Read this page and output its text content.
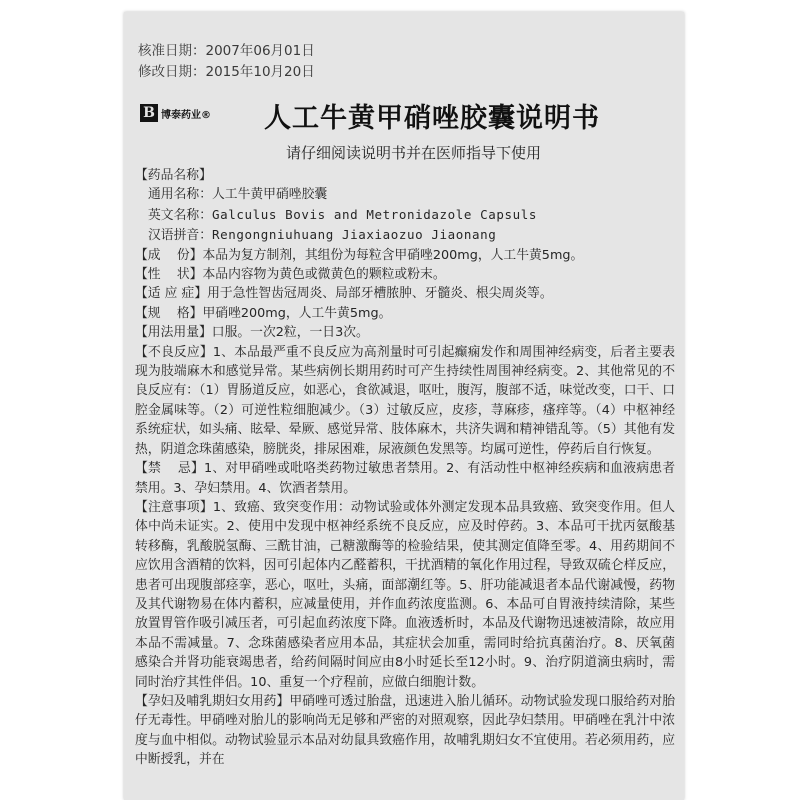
核准日期：2007年06月01日
修改日期：2015年10月20日
B 博泰药业® 人工牛黄甲硝唑胶囊说明书
请仔细阅读说明书并在医师指导下使用

【药品名称】

通用名称：人工牛黄甲硝唑胶囊

英文名称：Galculus Bovis and Metronidazole Capsuls

汉语拼音：Rengongniuhuang Jiaxiaozuo Jiaonang

【成    份】本品为复方制剂，其组份为每粒含甲硝唑200mg，人工牛黄5mg。

【性    状】本品内容物为黄色或微黄色的颗粒或粉末。

【适 应 症】用于急性智齿冠周炎、局部牙槽脓肿、牙髓炎、根尖周炎等。

【规    格】甲硝唑200mg，人工牛黄5mg。

【用法用量】口服。一次2粒，一日3次。

【不良反应】1、本品最严重不良反应为高剂量时可引起癫痫发作和周围神经病变，后者主要表现为肢端麻木和感觉异常。某些病例长期用药时可产生持续性周围神经病变。2、其他常见的不良反应有：（1）胃肠道反应，如恶心，食欲减退，呕吐，腹泻，腹部不适，味觉改变，口干、口腔金属味等。（2）可逆性粒细胞减少。（3）过敏反应，皮疹，荨麻疹，瘙痒等。（4）中枢神经系统症状，如头痛、眩晕、晕厥、感觉异常、肢体麻木，共济失调和精神错乱等。（5）其他有发热，阴道念珠菌感染，膀胱炎，排尿困难，尿液颜色发黑等。均属可逆性，停药后自行恢复。

【禁    忌】1、对甲硝唑或吡咯类药物过敏患者禁用。2、有活动性中枢神经疾病和血液病患者禁用。3、孕妇禁用。4、饮酒者禁用。

【注意事项】1、致癌、致突变作用：动物试验或体外测定发现本品具致癌、致突变作用。但人体中尚未证实。2、使用中发现中枢神经系统不良反应，应及时停药。3、本品可干扰丙氨酸基转移酶，乳酸脱氢酶、三酰甘油，己糖激酶等的检验结果，使其测定值降至零。4、用药期间不应饮用含酒精的饮料，因可引起体内乙醛蓄积，干扰酒精的氧化作用过程，导致双硫仑样反应，患者可出现腹部痉挛，恶心，呕吐，头痛，面部潮红等。5、肝功能减退者本品代谢减慢，药物及其代谢物易在体内蓄积，应减量使用，并作血药浓度监测。6、本品可自胃液持续清除，某些放置胃管作吸引减压者，可引起血药浓度下降。血液透析时，本品及代谢物迅速被清除，故应用本品不需减量。7、念珠菌感染者应用本品，其症状会加重，需同时给抗真菌治疗。8、厌氧菌感染合并肾功能衰竭患者，给药间隔时间应由8小时延长至12小时。9、治疗阴道滴虫病时，需同时治疗其性伴侣。10、重复一个疗程前，应做白细胞计数。

【孕妇及哺乳期妇女用药】甲硝唑可透过胎盘，迅速进入胎儿循环。动物试验发现口服给药对胎仔无毒性。甲硝唑对胎儿的影响尚无足够和严密的对照观察，因此孕妇禁用。甲硝唑在乳汁中浓度与血中相似。动物试验显示本品对幼鼠具致癌作用，故哺乳期妇女不宜使用。若必须用药，应中断授乳，并在
